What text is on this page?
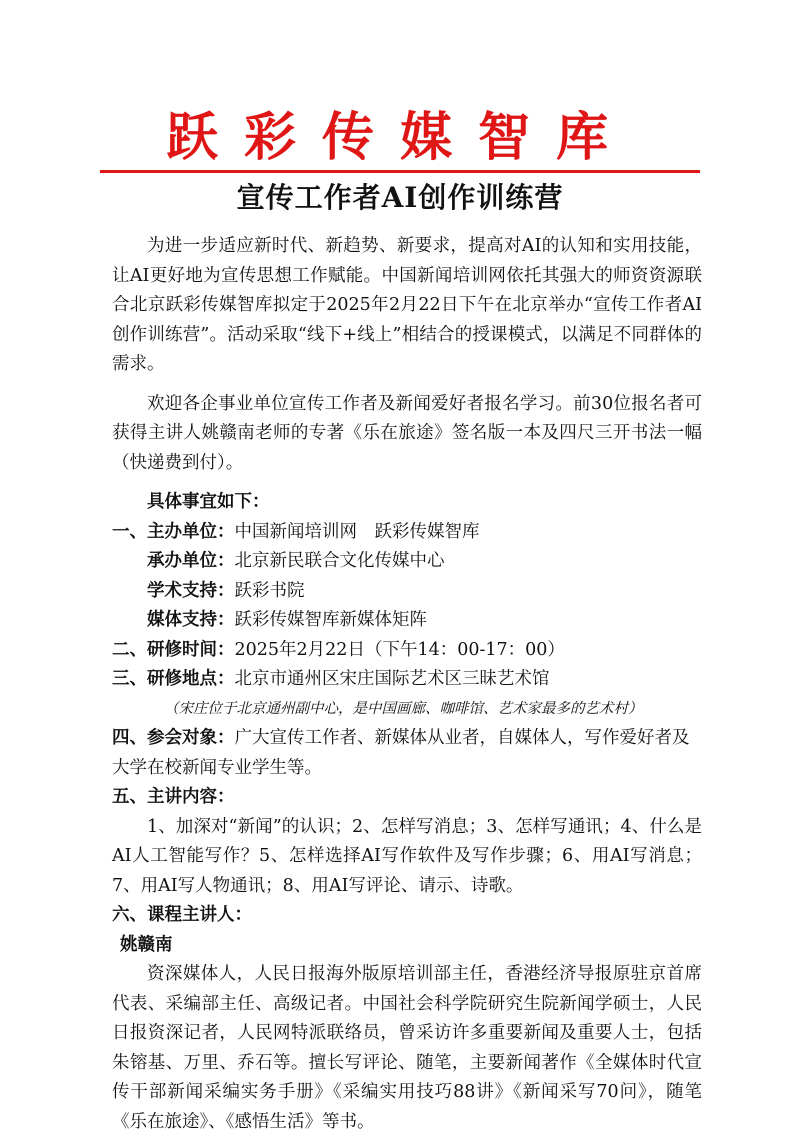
跃彩传媒智库
宣传工作者AI创作训练营

为进一步适应新时代、新趋势、新要求，提高对AI的认知和实用技能，让AI更好地为宣传思想工作赋能。中国新闻培训网依托其强大的师资资源联合北京跃彩传媒智库拟定于2025年2月22日下午在北京举办“宣传工作者AI创作训练营”。活动采取“线下+线上”相结合的授课模式，以满足不同群体的需求。

欢迎各企事业单位宣传工作者及新闻爱好者报名学习。前30位报名者可获得主讲人姚赣南老师的专著《乐在旅途》签名版一本及四尺三开书法一幅（快递费到付）。

具体事宜如下：

一、主办单位：中国新闻培训网　跃彩传媒智库

承办单位：北京新民联合文化传媒中心

学术支持：跃彩书院

媒体支持：跃彩传媒智库新媒体矩阵

二、研修时间：2025年2月22日（下午14：00-17：00）

三、研修地点：北京市通州区宋庄国际艺术区三昧艺术馆

（宋庄位于北京通州副中心，是中国画廊、咖啡馆、艺术家最多的艺术村）

四、参会对象：广大宣传工作者、新媒体从业者，自媒体人，写作爱好者及大学在校新闻专业学生等。

五、主讲内容：

1、加深对“新闻”的认识；2、怎样写消息；3、怎样写通讯；4、什么是AI人工智能写作？5、怎样选择AI写作软件及写作步骤；6、用AI写消息；7、用AI写人物通讯；8、用AI写评论、请示、诗歌。

六、课程主讲人：

姚赣南

资深媒体人，人民日报海外版原培训部主任，香港经济导报原驻京首席代表、采编部主任、高级记者。中国社会科学院研究生院新闻学硕士，人民日报资深记者，人民网特派联络员，曾采访许多重要新闻及重要人士，包括朱镕基、万里、乔石等。擅长写评论、随笔，主要新闻著作《全媒体时代宣传干部新闻采编实务手册》《采编实用技巧88讲》《新闻采写70问》，随笔《乐在旅途》、《感悟生活》等书。
